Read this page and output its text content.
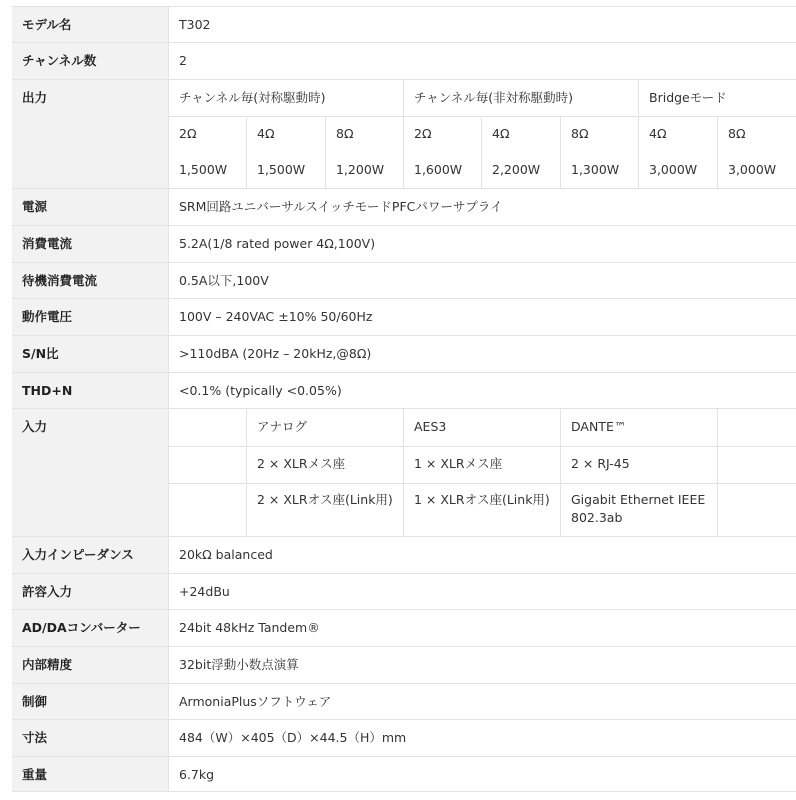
モデル名	T302
チャンネル数	2
出力	チャンネル毎(対称駆動時)	チャンネル毎(非対称駆動時)	Bridgeモード
2Ω	4Ω	8Ω	2Ω	4Ω	8Ω	4Ω	8Ω
1,500W	1,500W	1,200W	1,600W	2,200W	1,300W	3,000W	3,000W
電源	SRM回路ユニバーサルスイッチモードPFCパワーサプライ
消費電流	5.2A(1/8 rated power 4Ω,100V)
待機消費電流	0.5A以下,100V
動作電圧	100V – 240VAC ±10% 50/60Hz
S/N比	>110dBA (20Hz – 20kHz,@8Ω)
THD+N	<0.1% (typically <0.05%)
入力	アナログ	AES3	DANTE™
2 × XLRメス座	1 × XLRメス座	2 × RJ-45
2 × XLRオス座(Link用)	1 × XLRオス座(Link用)	Gigabit Ethernet IEEE 802.3ab
入力インピーダンス	20kΩ balanced
許容入力	+24dBu
AD/DAコンバーター	24bit 48kHz Tandem®
内部精度	32bit浮動小数点演算
制御	ArmoniaPlusソフトウェア
寸法	484（W）×405（D）×44.5（H）mm
重量	6.7kg
